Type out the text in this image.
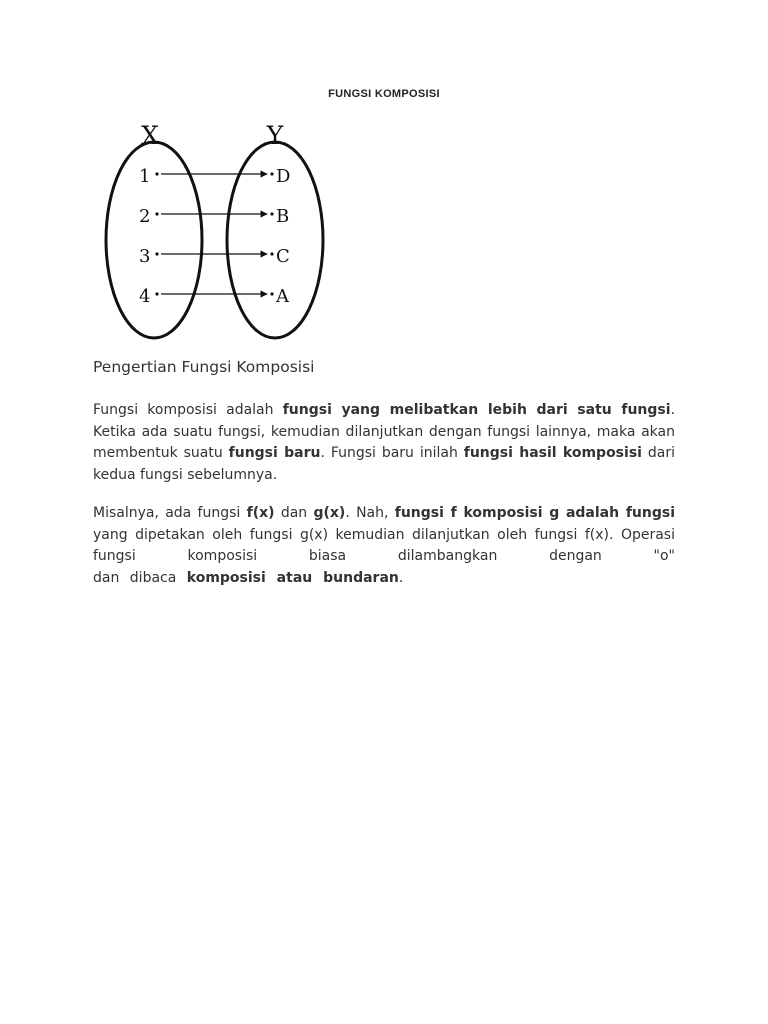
FUNGSI KOMPOSISI
X	Y
1	D
2	B
3	C
4	A
Pengertian Fungsi Komposisi

Fungsi komposisi adalah fungsi yang melibatkan lebih dari satu fungsi. Ketika ada suatu fungsi, kemudian dilanjutkan dengan fungsi lainnya, maka akan membentuk suatu fungsi baru. Fungsi baru inilah fungsi hasil komposisi dari kedua fungsi sebelumnya.

Misalnya, ada fungsi f(x) dan g(x). Nah, fungsi f komposisi g adalah fungsi yang dipetakan oleh fungsi g(x) kemudian dilanjutkan oleh fungsi f(x). Operasi fungsi komposisi biasa dilambangkan dengan "o"
dan dibaca komposisi atau bundaran.
